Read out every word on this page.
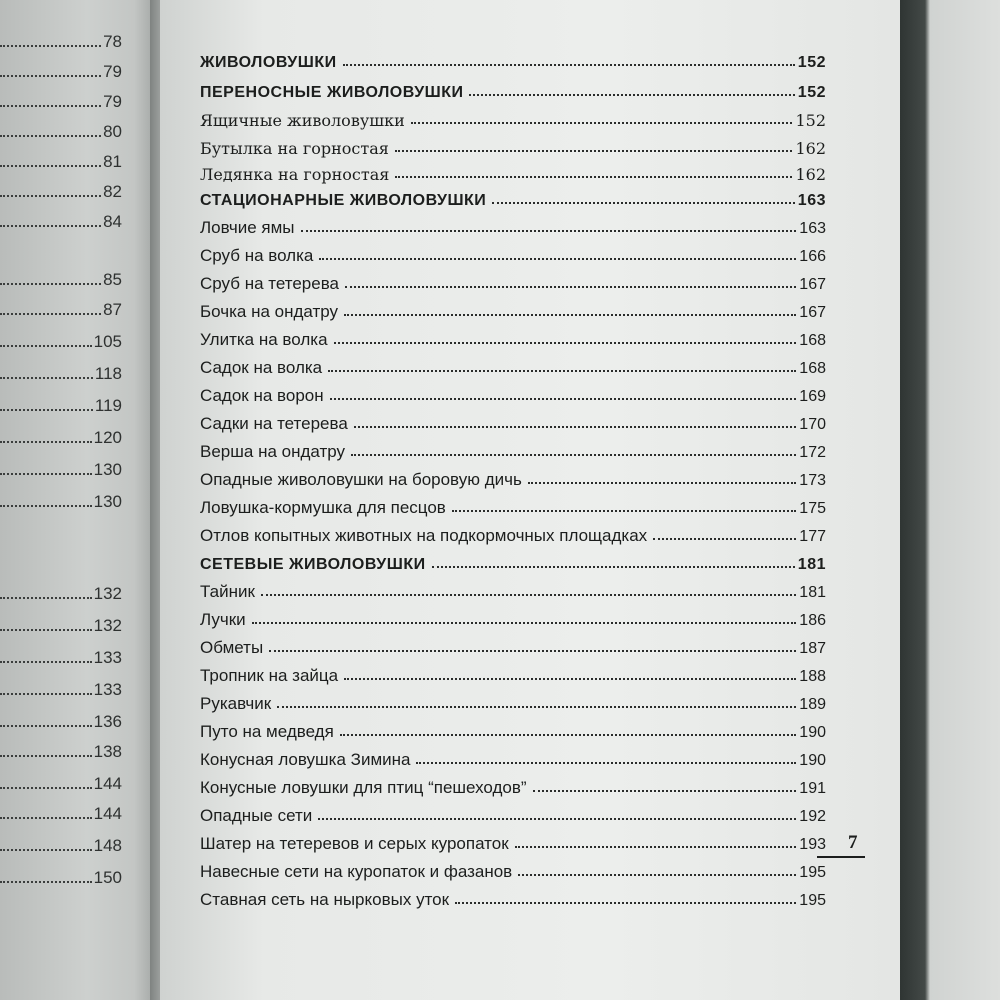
78
79
79
80
81
82
84
85
87
105
118
119
120
130
130
132
132
133
133
136
138
144
144
148
150
ЖИВОЛОВУШКИ	152
ПЕРЕНОСНЫЕ ЖИВОЛОВУШКИ	152
Ящичные живоловушки	152
Бутылка на горностая	162
Ледянка на горностая	162
СТАЦИОНАРНЫЕ ЖИВОЛОВУШКИ	163
Ловчие ямы	163
Сруб на волка	166
Сруб на тетерева	167
Бочка на ондатру	167
Улитка на волка	168
Садок на волка	168
Садок на ворон	169
Садки на тетерева	170
Верша на ондатру	172
Опадные живоловушки на боровую дичь	173
Ловушка-кормушка для песцов	175
Отлов копытных животных на подкормочных площадках	177
СЕТЕВЫЕ ЖИВОЛОВУШКИ	181
Тайник	181
Лучки	186
Обметы	187
Тропник на зайца	188
Рукавчик	189
Путо на медведя	190
Конусная ловушка Зимина	190
Конусные ловушки для птиц “пешеходов”	191
Опадные сети	192
Шатер на тетеревов и серых куропаток	193
Навесные сети на куропаток и фазанов	195
Ставная сеть на нырковых уток	195
7
